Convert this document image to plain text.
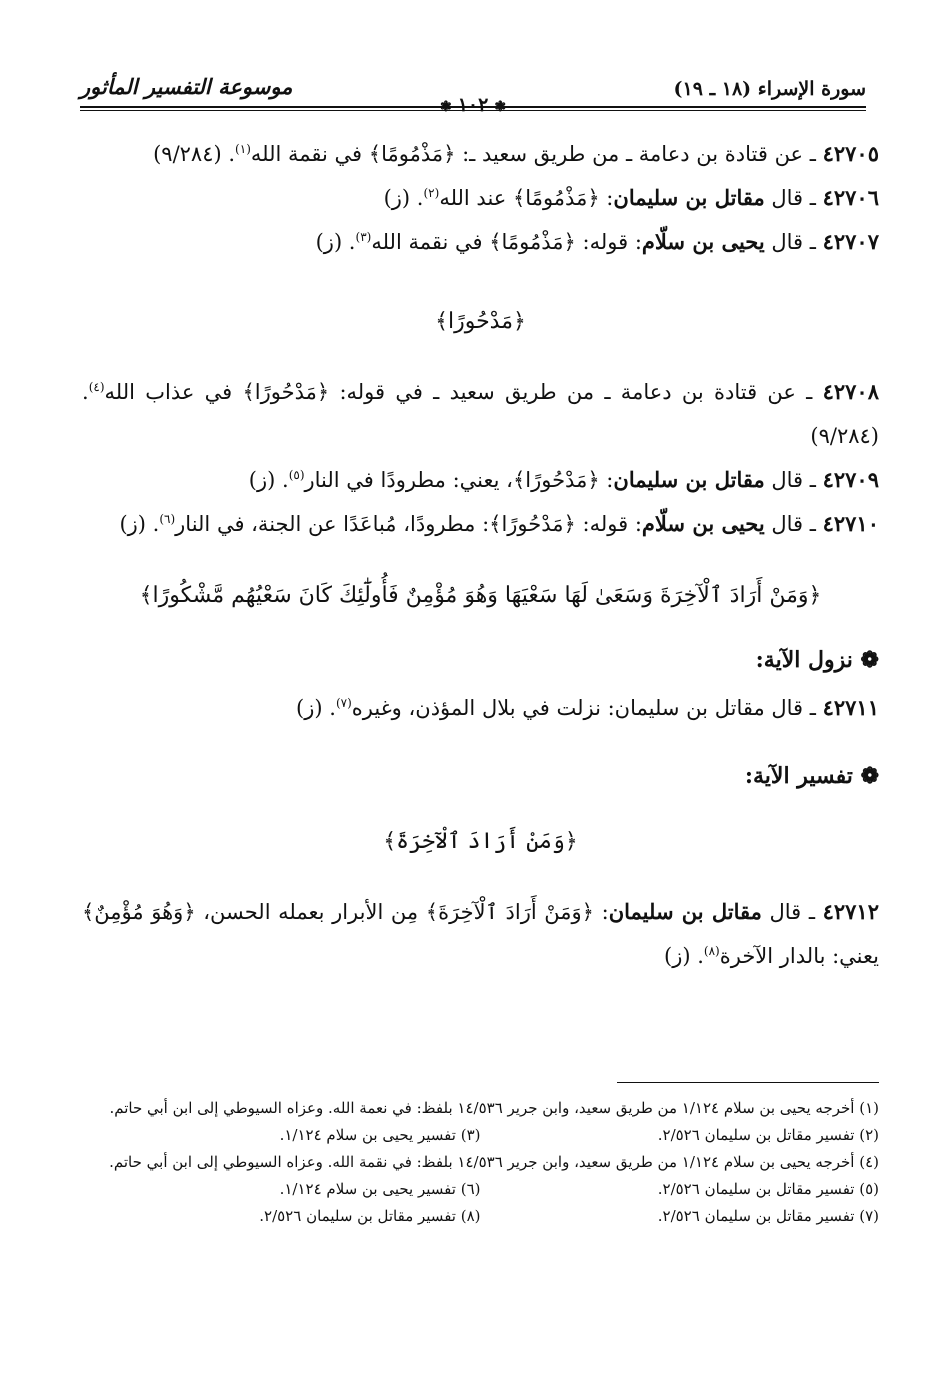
سورة الإسراء (١٨ ـ ١٩)
موسوعة التفسير المأثور
❃١٠٢❃
٤٢٧٠٥ ـ عن قتادة بن دعامة ـ من طريق سعيد ـ: ﴿مَذْمُومًا﴾ في نقمة الله$^{(١)}$. (٩/٢٨٤)
٤٢٧٠٦ ـ قال مقاتل بن سليمان: ﴿مَذْمُومًا﴾ عند الله$^{(٢)}$. (ز)
٤٢٧٠٧ ـ قال يحيى بن سلّام: قوله: ﴿مَذْمُومًا﴾ في نقمة الله$^{(٣)}$. (ز)
﴿مَدْحُورًا﴾
٤٢٧٠٨ ـ عن قتادة بن دعامة ـ من طريق سعيد ـ في قوله: ﴿مَدْحُورًا﴾ في عذاب الله$^{(٤)}$. (٩/٢٨٤)
٤٢٧٠٩ ـ قال مقاتل بن سليمان: ﴿مَدْحُورًا﴾، يعني: مطرودًا في النار$^{(٥)}$. (ز)
٤٢٧١٠ ـ قال يحيى بن سلّام: قوله: ﴿مَدْحُورًا﴾: مطرودًا، مُباعَدًا عن الجنة، في النار$^{(٦)}$. (ز)
﴿وَمَنْ أَرَادَ ٱلْآخِرَةَ وَسَعَىٰ لَهَا سَعْيَهَا وَهُوَ مُؤْمِنٌ فَأُولَٰٓئِكَ كَانَ سَعْيُهُم مَّشْكُورًا﴾
❁ نزول الآية:
٤٢٧١١ ـ قال مقاتل بن سليمان: نزلت في بلال المؤذن، وغيره$^{(٧)}$. (ز)
❁ تفسير الآية:
﴿وَمَنْ أَرَادَ ٱلْآخِرَةَ﴾
٤٢٧١٢ ـ قال مقاتل بن سليمان: ﴿وَمَنْ أَرَادَ ٱلْآخِرَةَ﴾ مِن الأبرار بعمله الحسن، ﴿وَهُوَ مُؤْمِنٌ﴾ يعني: بالدار الآخرة$^{(٨)}$. (ز)
(١) أخرجه يحيى بن سلام ١/١٢٤ من طريق سعيد، وابن جرير ١٤/٥٣٦ بلفظ: في نعمة الله. وعزاه السيوطي إلى ابن أبي حاتم.
(٢) تفسير مقاتل بن سليمان ٢/٥٢٦.
(٣) تفسير يحيى بن سلام ١/١٢٤.
(٤) أخرجه يحيى بن سلام ١/١٢٤ من طريق سعيد، وابن جرير ١٤/٥٣٦ بلفظ: في نقمة الله. وعزاه السيوطي إلى ابن أبي حاتم.
(٥) تفسير مقاتل بن سليمان ٢/٥٢٦.
(٦) تفسير يحيى بن سلام ١/١٢٤.
(٧) تفسير مقاتل بن سليمان ٢/٥٢٦.
(٨) تفسير مقاتل بن سليمان ٢/٥٢٦.
